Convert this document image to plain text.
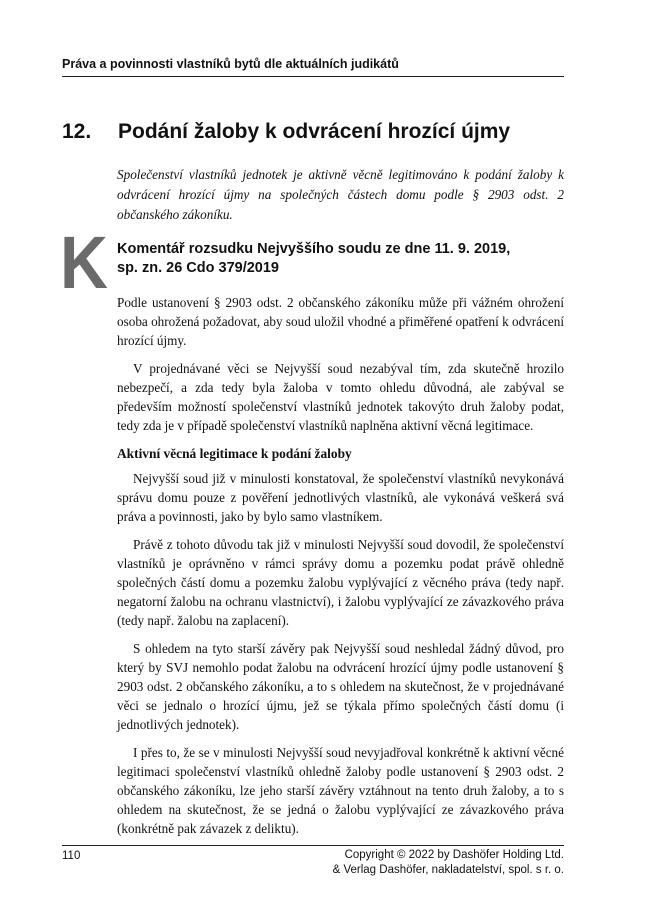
Práva a povinnosti vlastníků bytů dle aktuálních judikátů
12. Podání žaloby k odvrácení hrozící újmy
Společenství vlastníků jednotek je aktivně věcně legitimováno k podání žaloby k odvrácení hrozící újmy na společných částech domu podle § 2903 odst. 2 občanského zákoníku.
K Komentář rozsudku Nejvyššího soudu ze dne 11. 9. 2019,
sp. zn. 26 Cdo 379/2019

Podle ustanovení § 2903 odst. 2 občanského zákoníku může při vážném ohrožení osoba ohrožená požadovat, aby soud uložil vhodné a přiměřené opatření k odvrácení hrozící újmy.

V projednávané věci se Nejvyšší soud nezabýval tím, zda skutečně hrozilo nebezpečí, a zda tedy byla žaloba v tomto ohledu důvodná, ale zabýval se především možností společenství vlastníků jednotek takovýto druh žaloby podat, tedy zda je v případě společenství vlastníků naplněna aktivní věcná legitimace.

Aktivní věcná legitimace k podání žaloby

Nejvyšší soud již v minulosti konstatoval, že společenství vlastníků nevykonává správu domu pouze z pověření jednotlivých vlastníků, ale vykonává veškerá svá práva a povinnosti, jako by bylo samo vlastníkem.

Právě z tohoto důvodu tak již v minulosti Nejvyšší soud dovodil, že společenství vlastníků je oprávněno v rámci správy domu a pozemku podat právě ohledně společných částí domu a pozemku žalobu vyplývající z věcného práva (tedy např. negatorní žalobu na ochranu vlastnictví), i žalobu vyplývající ze závazkového práva (tedy např. žalobu na zaplacení).

S ohledem na tyto starší závěry pak Nejvyšší soud neshledal žádný důvod, pro který by SVJ nemohlo podat žalobu na odvrácení hrozící újmy podle ustanovení § 2903 odst. 2 občanského zákoníku, a to s ohledem na skutečnost, že v projednávané věci se jednalo o hrozící újmu, jež se týkala přímo společných částí domu (i jednotlivých jednotek).

I přes to, že se v minulosti Nejvyšší soud nevyjadřoval konkrétně k aktivní věcné legitimaci společenství vlastníků ohledně žaloby podle ustanovení § 2903 odst. 2 občanského zákoníku, lze jeho starší závěry vztáhnout na tento druh žaloby, a to s ohledem na skutečnost, že se jedná o žalobu vyplývající ze závazkového práva (konkrétně pak závazek z deliktu).

110	Copyright © 2022 by Dashöfer Holding Ltd.
& Verlag Dashöfer, nakladatelství, spol. s r. o.
